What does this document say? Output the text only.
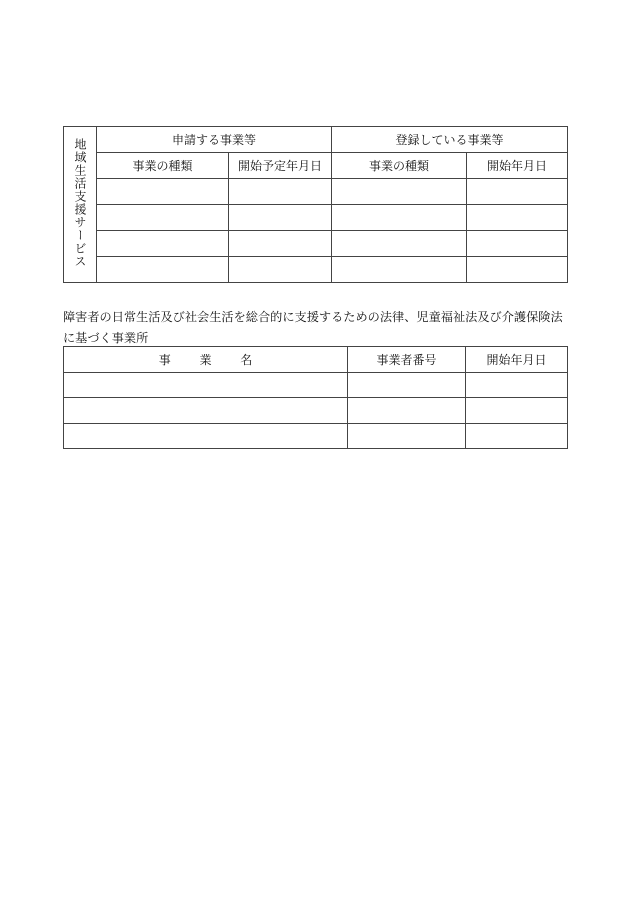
地域生活支援サービス	申請する事業等		登録している事業等	
	事業の種類	開始予定年月日	事業の種類	開始年月日

障害者の日常生活及び社会生活を総合的に支援するための法律、児童福祉法及び介護保険法
に基づく事業所

事業名	事業者番号	開始年月日
